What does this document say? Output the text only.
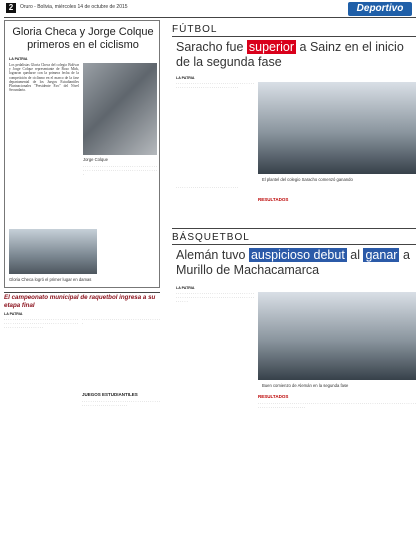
2	Oruro - Bolivia, miércoles 14 de octubre de 2015	Deportivo
Gloria Checa y Jorge Colque primeros en el ciclismo
LA PATRIA
Los pedalistas Gloria Checa del colegio Bolívar y Jorge Colque representante de Boso Mirk, lograron quedarse con la primera fecha de la competición de ciclismo en el marco de la fase departamental de los Juegos Estudiantiles Plurinacionales "Presidente Evo" del Nivel Secundario.
Jorge Colque
· · · · · · · · · · · · · · · · · · · · · · · · · · · · · · · · · · · · · · · · · · · · · · · · · · · · · · · · · · · · · · · · · · · · · · ·
Gloria Checa logró el primer lugar en damas
FÚTBOL
Saracho fue superior a Sainz en el inicio de la segunda fase
LA PATRIA
· · · · · · · · · · · · · · · · · · · · · · · · · · · · · · · · · · · · · · · · · · · · · · · · · · · · · · · · · · · · · · · · · · ·
El plantel del colegio Saracho comenzó ganando
· · · · · · · · · · · · · · · · · · · · · · · · · · · · · ·
RESULTADOS
BÁSQUETBOL
Alemán tuvo auspicioso debut al ganar a Murillo de Machacamarca
LA PATRIA
· · · · · · · · · · · · · · · · · · · · · · · · · · · · · · · · · · · · · · · · · · · · · · · · · · · · · · · · · · · · · · · · · · · · · · · · · · · · · · · ·
Buen comienzo de Alemán en la segunda fase
RESULTADOS
· · · · · · · · · · · · · · · · · · · · · · · · · · · · · · · · · · · · · · · · · · · · · · · · · · · · · · · · · · · · · · · · · · · · · · · · · · · · · · · · · · · · · · · · · · · · · · · · · ·
El campeonato municipal de raquetbol ingresa a su etapa final
LA PATRIA
· · · · · · · · · · · · · · · · · · · · · · · · · · · · · · · · · · · · · · · · · · · · · · · · · · · · · · · · · · · · · · · · · · · · · · · · · · · · · · · · · · · · · · · · ·
JUEGOS ESTUDIANTILES
· · · · · · · · · · · · · · · · · · · · · · · · · · · · · · · · · · · · · ·
· · · · · · · · · · · · · · · · · · · · · · · · · · · · · · · · · · · · · · · · · · · · · · · · · · · · · · · · · · ·
